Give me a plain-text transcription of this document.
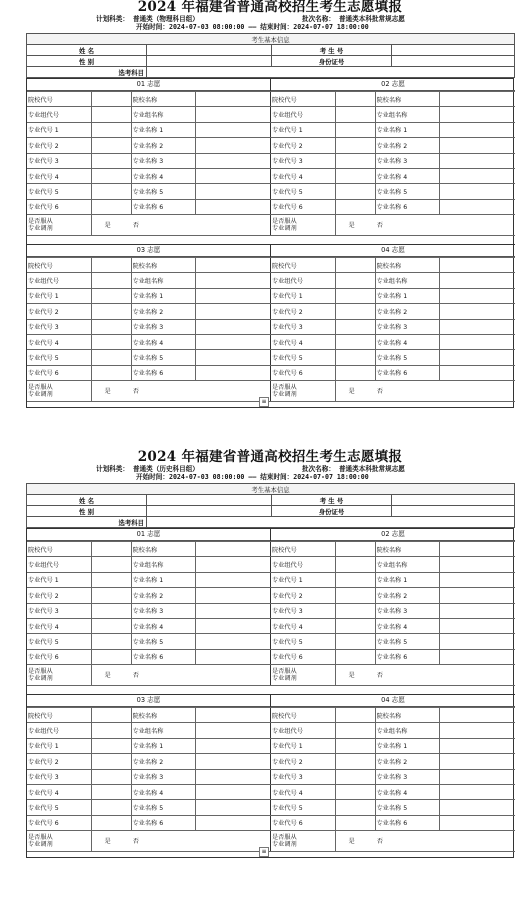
2024 年福建省普通高校招生考生志愿填报
计划科类： 普通类（物理科目组）	批次名称： 普通类本科批常规志愿
开始时间：2024-07-03 08:00:00 —— 结束时间：2024-07-07 18:00:00
考生基本信息			
姓 名		考 生 号	
性 别		身份证号	
选考科目			
01 志愿
院校代号		院校名称	
专业组代号		专业组名称	
专业代号 1		专业名称 1	
专业代号 2		专业名称 2	
专业代号 3		专业名称 3	
专业代号 4		专业名称 4	
专业代号 5		专业名称 5	
专业代号 6		专业名称 6	

是否服从
专业调剂	是 否		
02 志愿
院校代号		院校名称	
专业组代号		专业组名称	
专业代号 1		专业名称 1	
专业代号 2		专业名称 2	
专业代号 3		专业名称 3	
专业代号 4		专业名称 4	
专业代号 5		专业名称 5	
专业代号 6		专业名称 6	

是否服从
专业调剂	是 否		
03 志愿
院校代号		院校名称	
专业组代号		专业组名称	
专业代号 1		专业名称 1	
专业代号 2		专业名称 2	
专业代号 3		专业名称 3	
专业代号 4		专业名称 4	
专业代号 5		专业名称 5	
专业代号 6		专业名称 6	

是否服从
专业调剂	是 否		
04 志愿
院校代号		院校名称	
专业组代号		专业组名称	
专业代号 1		专业名称 1	
专业代号 2		专业名称 2	
专业代号 3		专业名称 3	
专业代号 4		专业名称 4	
专业代号 5		专业名称 5	
专业代号 6		专业名称 6	

是否服从
专业调剂	是 否		
≡
2024 年福建省普通高校招生考生志愿填报
计划科类： 普通类（历史科目组）	批次名称： 普通类本科批常规志愿
开始时间：2024-07-03 08:00:00 —— 结束时间：2024-07-07 18:00:00
考生基本信息			
姓 名		考 生 号	
性 别		身份证号	
选考科目			
01 志愿
院校代号		院校名称	
专业组代号		专业组名称	
专业代号 1		专业名称 1	
专业代号 2		专业名称 2	
专业代号 3		专业名称 3	
专业代号 4		专业名称 4	
专业代号 5		专业名称 5	
专业代号 6		专业名称 6	

是否服从
专业调剂	是 否		
02 志愿
院校代号		院校名称	
专业组代号		专业组名称	
专业代号 1		专业名称 1	
专业代号 2		专业名称 2	
专业代号 3		专业名称 3	
专业代号 4		专业名称 4	
专业代号 5		专业名称 5	
专业代号 6		专业名称 6	

是否服从
专业调剂	是 否		
03 志愿
院校代号		院校名称	
专业组代号		专业组名称	
专业代号 1		专业名称 1	
专业代号 2		专业名称 2	
专业代号 3		专业名称 3	
专业代号 4		专业名称 4	
专业代号 5		专业名称 5	
专业代号 6		专业名称 6	

是否服从
专业调剂	是 否		
04 志愿
院校代号		院校名称	
专业组代号		专业组名称	
专业代号 1		专业名称 1	
专业代号 2		专业名称 2	
专业代号 3		专业名称 3	
专业代号 4		专业名称 4	
专业代号 5		专业名称 5	
专业代号 6		专业名称 6	

是否服从
专业调剂	是 否		
≡
